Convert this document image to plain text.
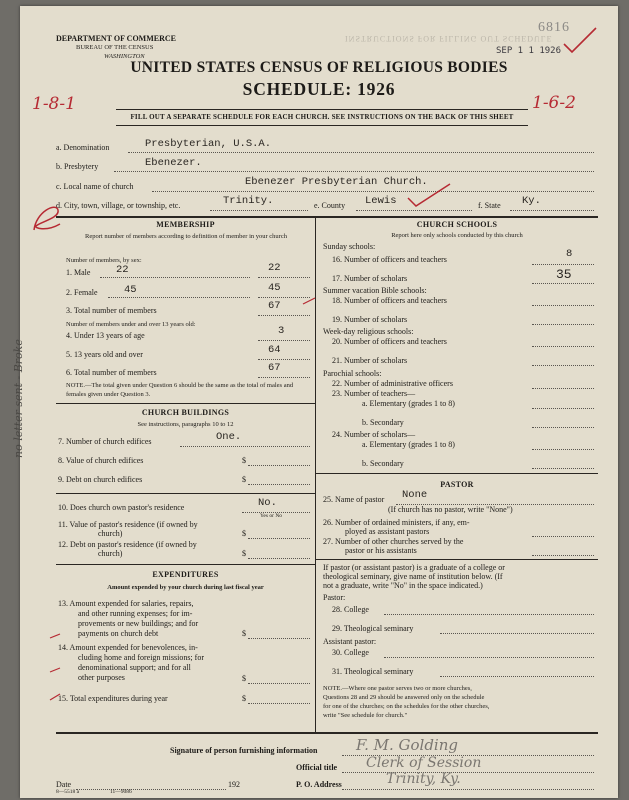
DEPARTMENT OF COMMERCE
BUREAU OF THE CENSUS
WASHINGTON
INSTRUCTIONS FOR FILLING OUT SCHEDULE
6816
SEP 1 1 1926
UNITED STATES CENSUS OF RELIGIOUS BODIES
SCHEDULE: 1926
1-8-1	1-6-2
FILL OUT A SEPARATE SCHEDULE FOR EACH CHURCH. SEE INSTRUCTIONS ON THE BACK OF THIS SHEET
a. Denomination	Presbyterian, U.S.A.
b. Presbytery	Ebenezer.
c. Local name of church	Ebenezer Presbyterian Church.
d. City, town, village, or township, etc.	Trinity.	e. County Lewis	f. State Ky.
MEMBERSHIP
Report number of members according to definition of member in your church
Number of members, by sex:
1. Male 22	22
2. Female	45	45
3. Total number of members	67
Number of members under and over 13 years old:
4. Under 13 years of age	3
5. 13 years old and over	64
6. Total number of members	67
NOTE.—The total given under Question 6 should be the same as the total of males and females given under Question 3.
CHURCH BUILDINGS
See instructions, paragraphs 10 to 12
7. Number of church edifices	One.
8. Value of church edifices	$
9. Debt on church edifices	$
10. Does church own pastor's residence	No.
Yes or No
11. Value of pastor's residence (if owned by
church)	$
12. Debt on pastor's residence (if owned by
church)	$
EXPENDITURES
Amount expended by your church during last fiscal year
13. Amount expended for salaries, repairs,
and other running expenses; for im-
provements or new buildings; and for
payments on church debt	$
14. Amount expended for benevolences, in-
cluding home and foreign missions; for
denominational support; and for all
other purposes	$
15. Total expenditures during year	$
CHURCH SCHOOLS
Report here only schools conducted by this church
Sunday schools:
16. Number of officers and teachers	8
17. Number of scholars	35
Summer vacation Bible schools:
18. Number of officers and teachers
19. Number of scholars
Week-day religious schools:
20. Number of officers and teachers
21. Number of scholars
Parochial schools:
22. Number of administrative officers
23. Number of teachers—
a. Elementary (grades 1 to 8)
b. Secondary
24. Number of scholars—
a. Elementary (grades 1 to 8)
b. Secondary
PASTOR
25. Name of pastor None
(If church has no pastor, write "None")
26. Number of ordained ministers, if any, em-
ployed as assistant pastors
27. Number of other churches served by the
pastor or his assistants
If pastor (or assistant pastor) is a graduate of a college or
theological seminary, give name of institution below. (If
not a graduate, write "No" in the space indicated.)
Pastor:
28. College
29. Theological seminary
Assistant pastor:
30. College
31. Theological seminary
NOTE.—Where one pastor serves two or more churches,
Questions 28 and 29 should be answered only on the schedule
for one of the churches; on the schedules for the other churches,
write "See schedule for church."
no letter sent - Broke
Signature of person furnishing information	F. M. Golding
Official title Clerk of Session
Date	192	P. O. Address	Trinity, Ky.
8—5518 a	11—9086
